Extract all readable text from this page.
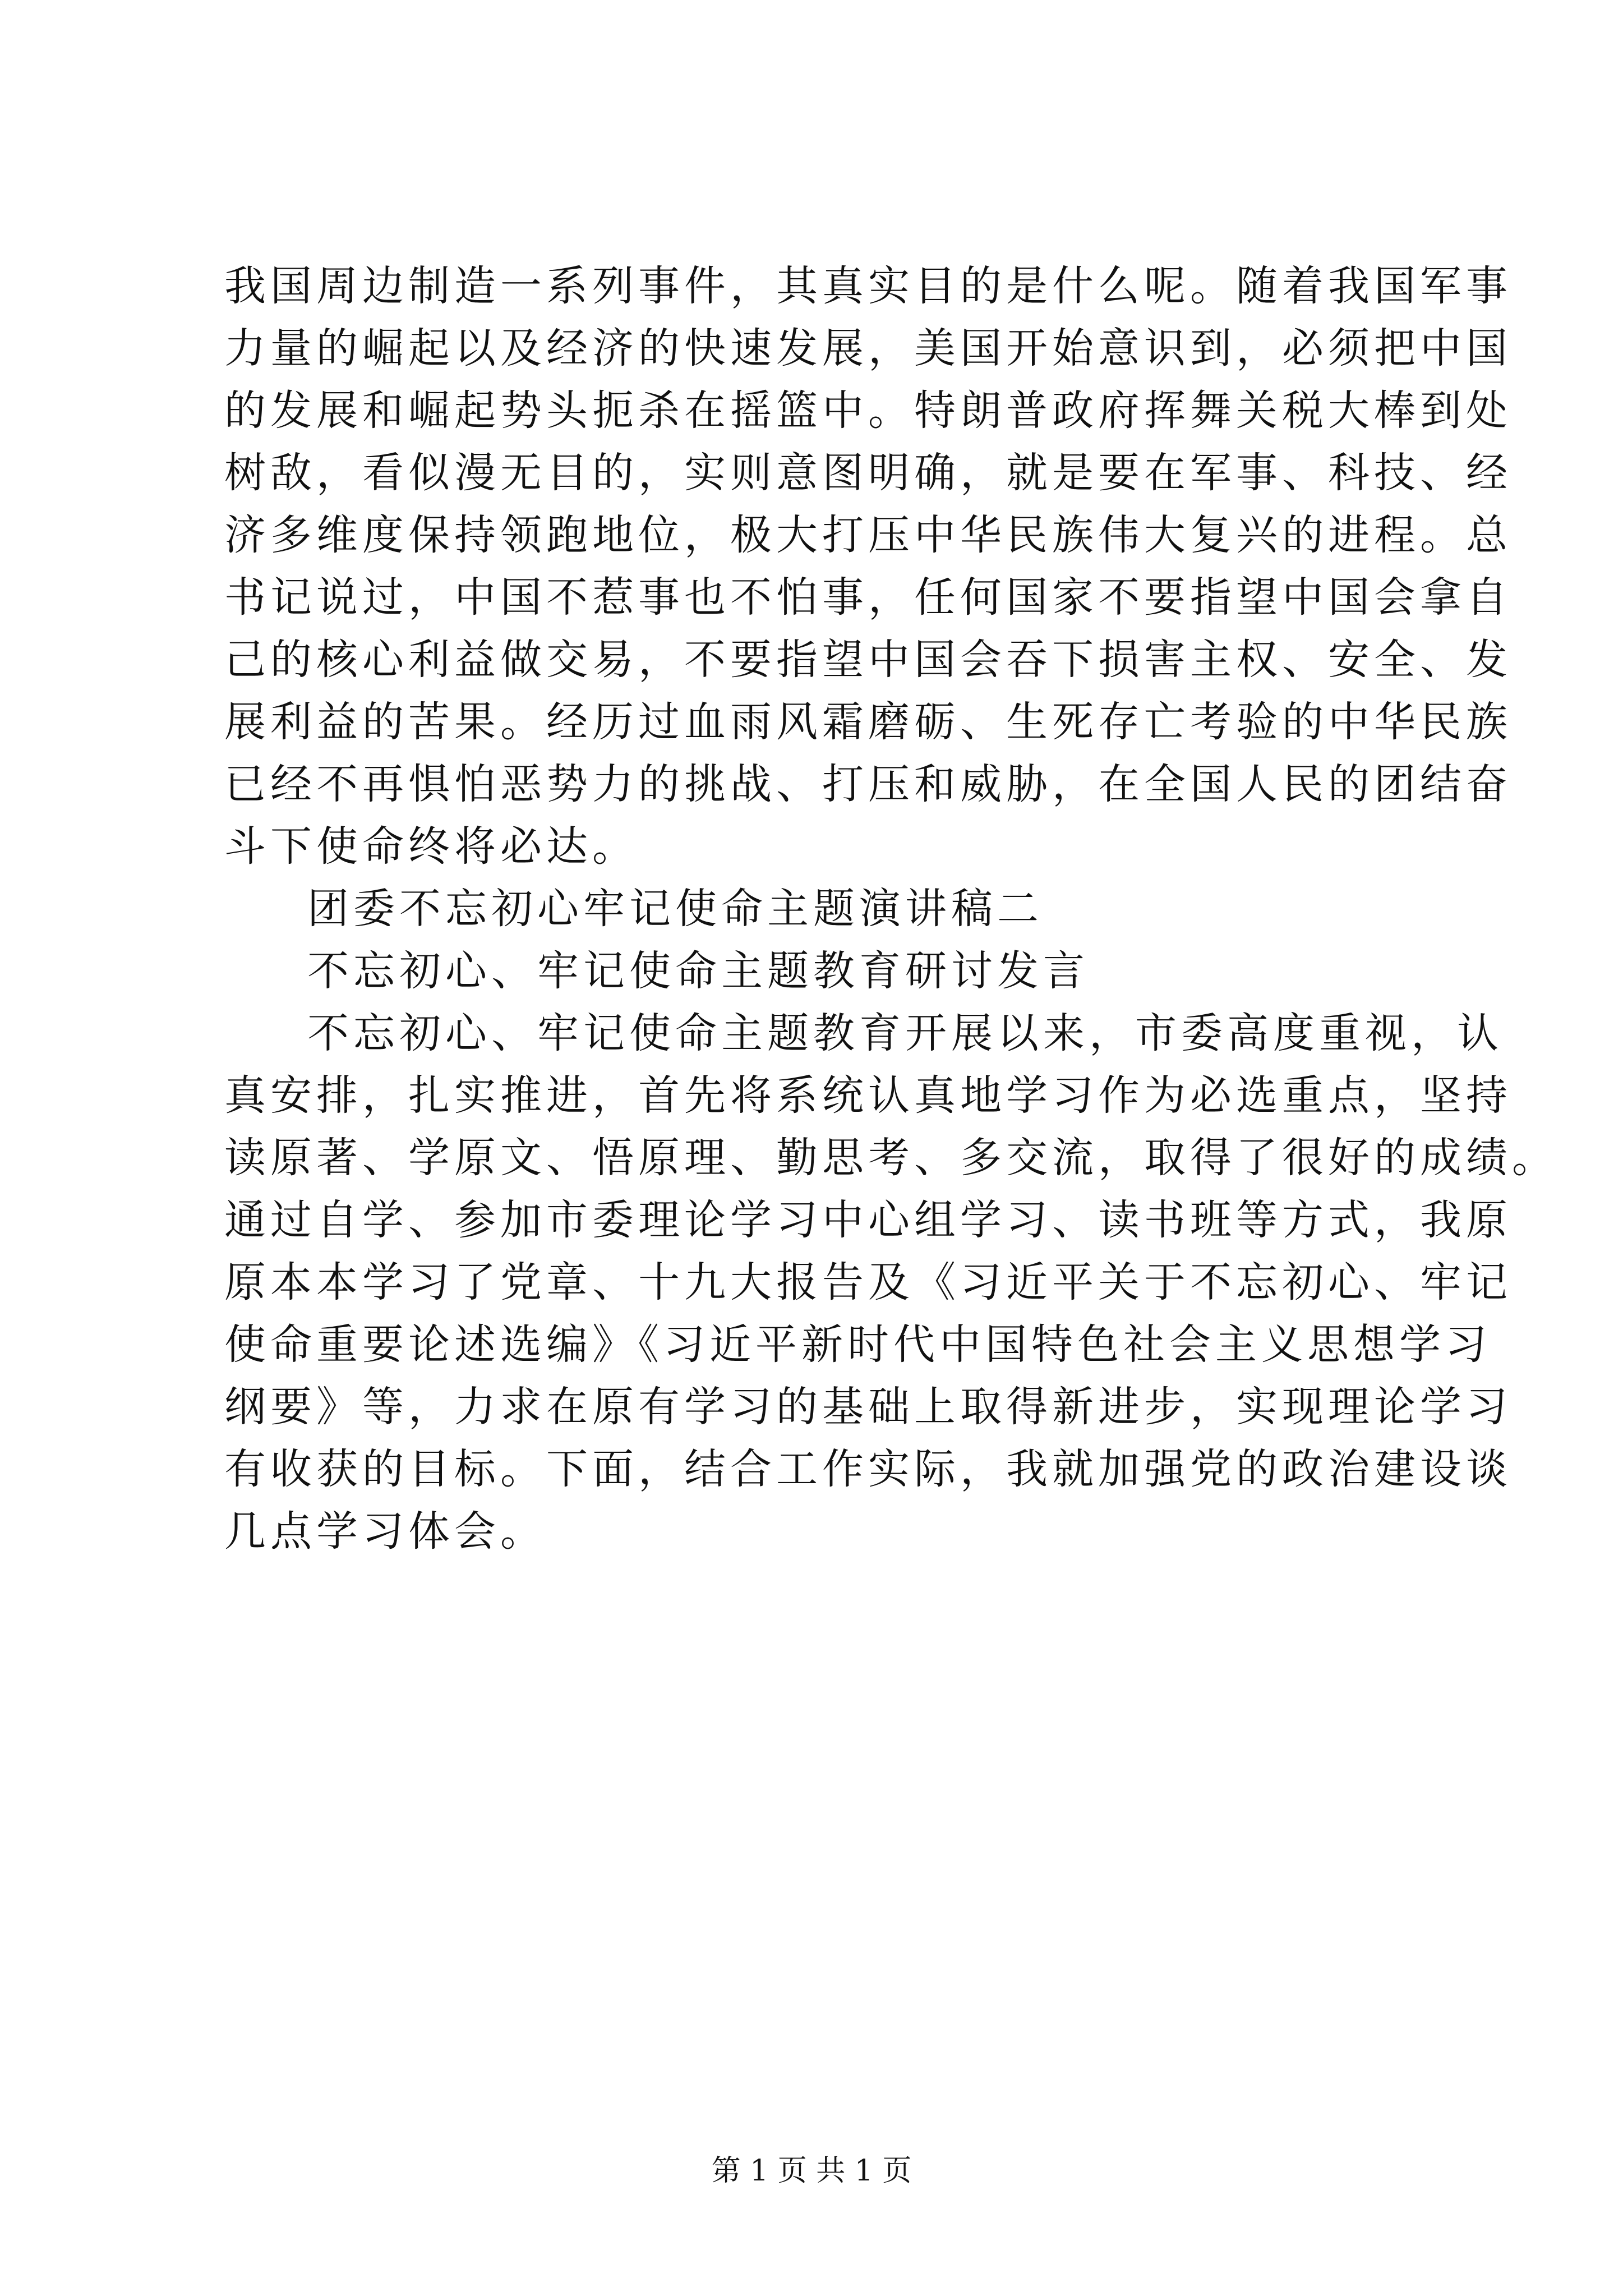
我国周边制造一系列事件，其真实目的是什么呢。随着我国军事
力量的崛起以及经济的快速发展，美国开始意识到，必须把中国
的发展和崛起势头扼杀在摇篮中。特朗普政府挥舞关税大棒到处
树敌，看似漫无目的，实则意图明确，就是要在军事、科技、经
济多维度保持领跑地位，极大打压中华民族伟大复兴的进程。总
书记说过，中国不惹事也不怕事，任何国家不要指望中国会拿自
己的核心利益做交易，不要指望中国会吞下损害主权、安全、发
展利益的苦果。经历过血雨风霜磨砺、生死存亡考验的中华民族
已经不再惧怕恶势力的挑战、打压和威胁，在全国人民的团结奋
斗下使命终将必达。
团委不忘初心牢记使命主题演讲稿二
不忘初心、牢记使命主题教育研讨发言
不忘初心、牢记使命主题教育开展以来，市委高度重视，认
真安排，扎实推进，首先将系统认真地学习作为必选重点，坚持
读原著、学原文、悟原理、勤思考、多交流，取得了很好的成绩。
通过自学、参加市委理论学习中心组学习、读书班等方式，我原
原本本学习了党章、十九大报告及《习近平关于不忘初心、牢记
使命重要论述选编》《习近平新时代中国特色社会主义思想学习
纲要》等，力求在原有学习的基础上取得新进步，实现理论学习
有收获的目标。下面，结合工作实际，我就加强党的政治建设谈
几点学习体会。
第 1 页 共 1 页
